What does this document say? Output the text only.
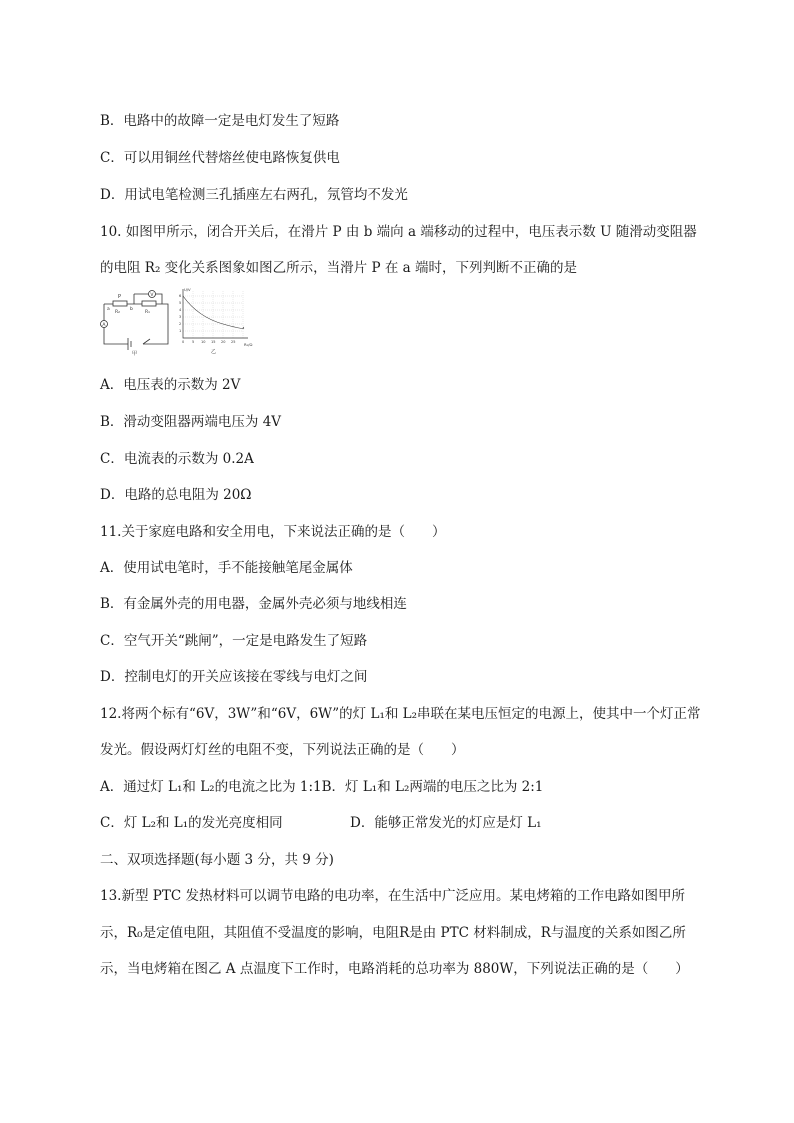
B．电路中的故障一定是电灯发生了短路
C．可以用铜丝代替熔丝使电路恢复供电
D．用试电笔检测三孔插座左右两孔，氖管均不发光
10. 如图甲所示，闭合开关后，在滑片 P 由 b 端向 a 端移动的过程中，电压表示数 U 随滑动变阻器
的电阻 R₂ 变化关系图象如图乙所示，当滑片 P 在 a 端时，下列判断不正确的是
P
a	b
R₂	R₁
V
A
甲
U/V
R₂/Ω
6
5
4
3
2
1
0 5 10 15 20 25
乙
A．电压表的示数为 2V
B．滑动变阻器两端电压为 4V
C．电流表的示数为 0.2A
D．电路的总电阻为 20Ω
11.关于家庭电路和安全用电，下来说法正确的是（　　）
A．使用试电笔时，手不能接触笔尾金属体
B．有金属外壳的用电器，金属外壳必须与地线相连
C．空气开关“跳闸”，一定是电路发生了短路
D．控制电灯的开关应该接在零线与电灯之间
12.将两个标有“6V，3W”和“6V，6W”的灯 L₁和 L₂串联在某电压恒定的电源上，使其中一个灯正常
发光。假设两灯灯丝的电阻不变，下列说法正确的是（　　）
A．通过灯 L₁和 L₂的电流之比为 1:1B．灯 L₁和 L₂两端的电压之比为 2:1
C．灯 L₂和 L₁的发光亮度相同	D．能够正常发光的灯应是灯 L₁
二、双项选择题(每小题 3 分，共 9 分)
13.新型 PTC 发热材料可以调节电路的电功率，在生活中广泛应用。某电烤箱的工作电路如图甲所
示，R₀是定值电阻，其阻值不受温度的影响，电阻R是由 PTC 材料制成，R与温度的关系如图乙所
示，当电烤箱在图乙 A 点温度下工作时，电路消耗的总功率为 880W，下列说法正确的是（　　）
